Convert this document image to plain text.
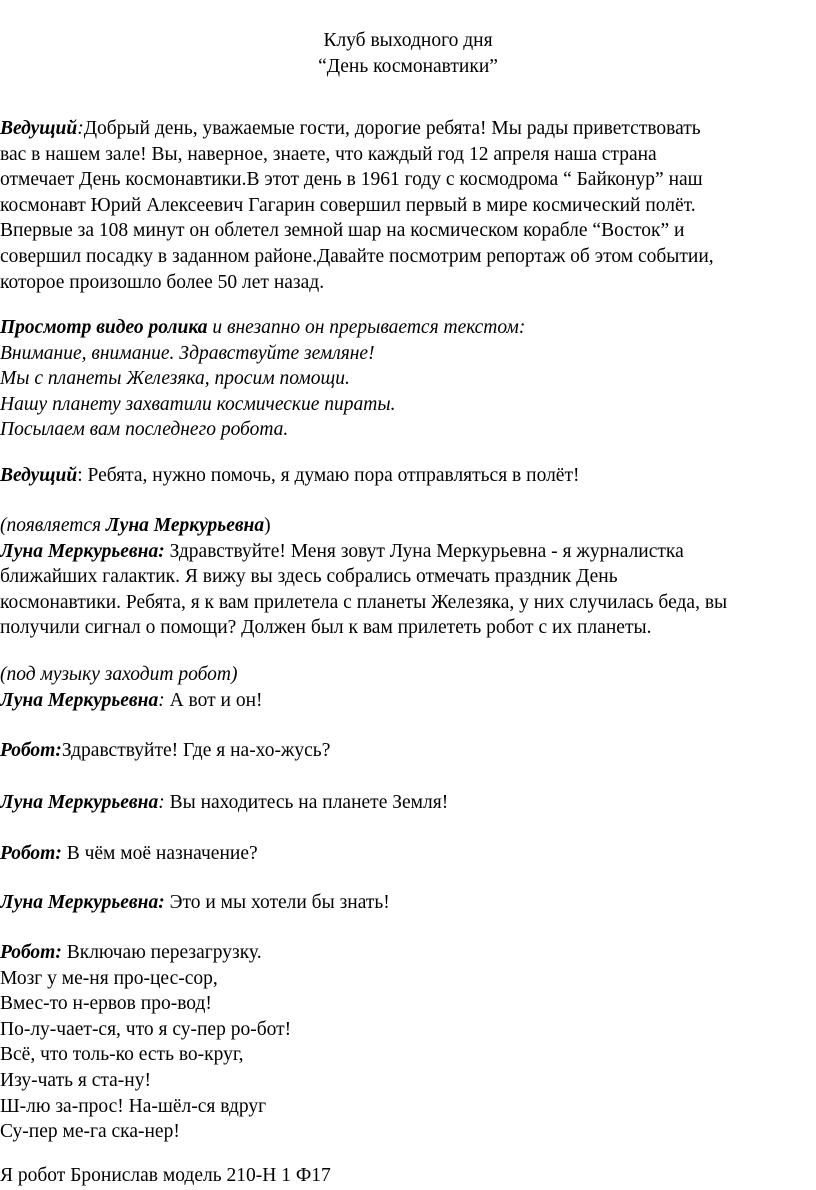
Клуб выходного дня
“День космонавтики”
Ведущий:Добрый день, уважаемые гости, дорогие ребята! Мы рады приветствовать
вас в нашем зале! Вы, наверное, знаете, что каждый год 12 апреля наша страна
отмечает День космонавтики.В этот день в 1961 году с космодрома “ Байконур” наш
космонавт Юрий Алексеевич Гагарин совершил первый в мире космический полёт.
Впервые за 108 минут он облетел земной шар на космическом корабле “Восток” и
совершил посадку в заданном районе.Давайте посмотрим репортаж об этом событии,
которое произошло более 50 лет назад.
Просмотр видео ролика и внезапно он прерывается текстом:
Внимание, внимание. Здравствуйте земляне!
Мы с планеты Железяка, просим помощи.
Нашу планету захватили космические пираты.
Посылаем вам последнего робота.
Ведущий: Ребята, нужно помочь, я думаю пора отправляться в полёт!
(появляется Луна Меркурьевна)
Луна Меркурьевна: Здравствуйте! Меня зовут Луна Меркурьевна - я журналистка
ближайших галактик. Я вижу вы здесь собрались отмечать праздник День
космонавтики. Ребята, я к вам прилетела с планеты Железяка, у них случилась беда, вы
получили сигнал о помощи? Должен был к вам прилететь робот с их планеты.
(под музыку заходит робот)
Луна Меркурьевна: А вот и он!
Робот:Здравствуйте! Где я на-хо-жусь?
Луна Меркурьевна: Вы находитесь на планете Земля!
Робот: В чём моё назначение?
Луна Меркурьевна: Это и мы хотели бы знать!
Робот: Включаю перезагрузку.
Мозг у ме-ня про-цес-сор,
Вмес-то н-ервов про-вод!
По-лу-чает-ся, что я су-пер ро-бот!
Всё, что толь-ко есть во-круг,
Изу-чать я ста-ну!
Ш-лю за-прос! На-шёл-ся вдруг
Су-пер ме-га ска-нер!
Я робот Бронислав модель 210-Н 1 Ф17
